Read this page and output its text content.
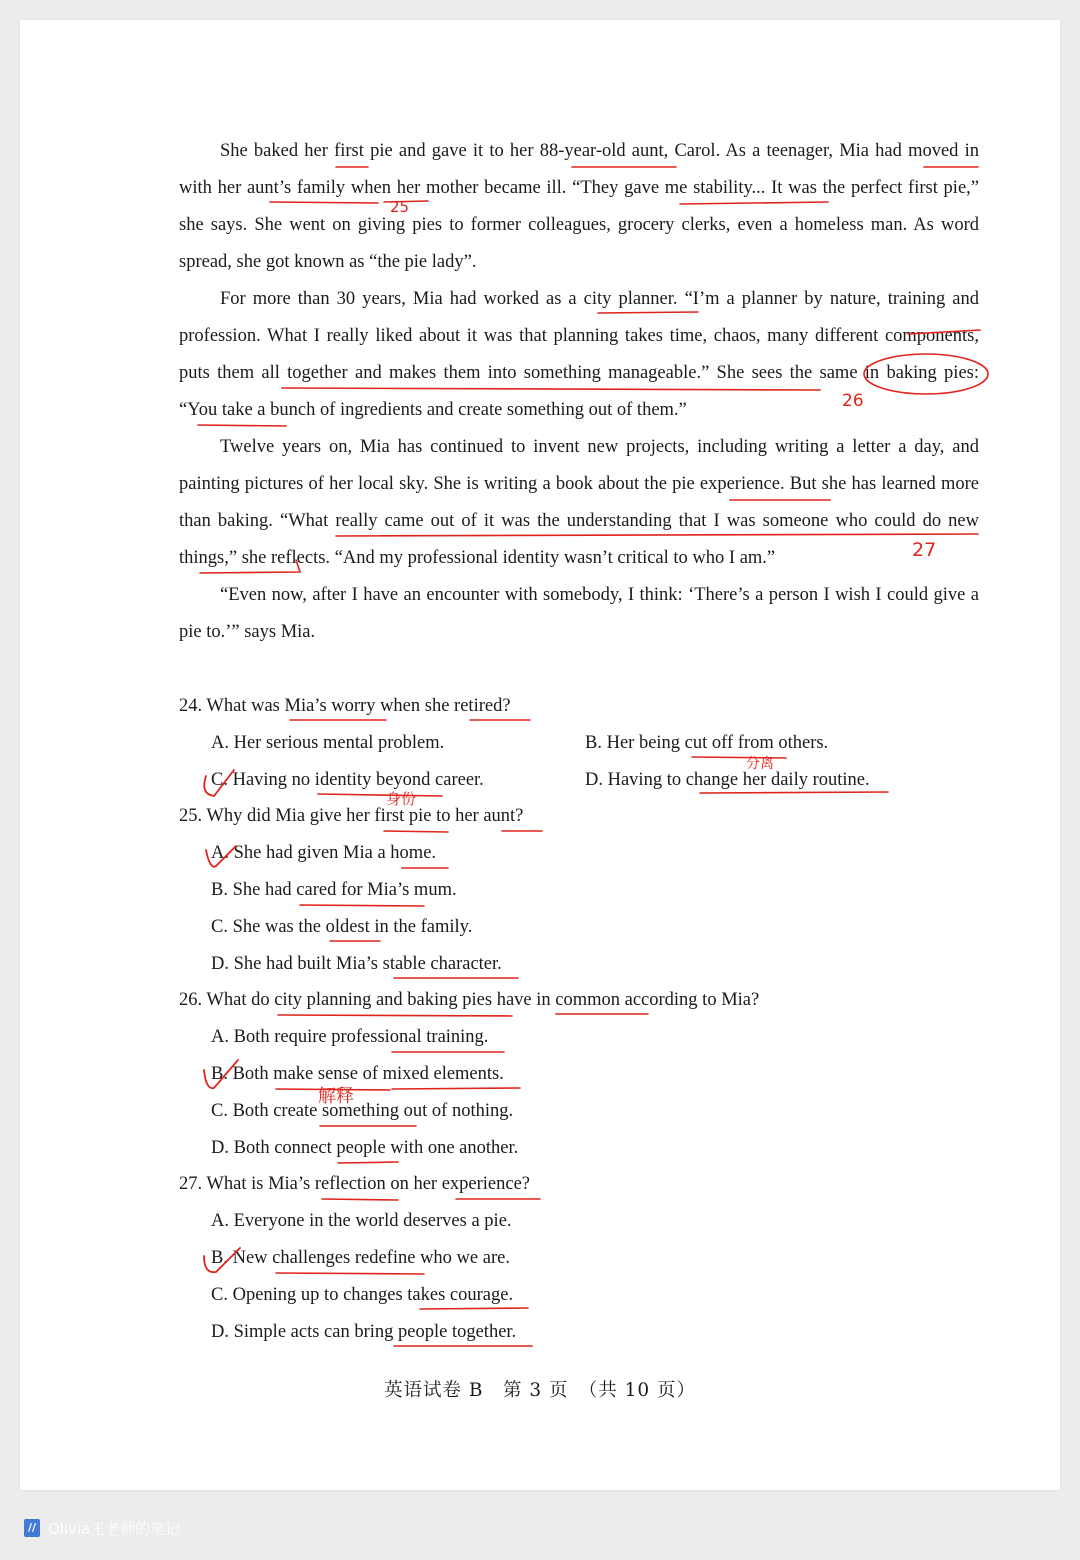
She baked her first pie and gave it to her 88-year-old aunt, Carol. As a teenager, Mia had moved in with her aunt’s family when her mother became ill. “They gave me stability... It was the perfect first pie,” she says. She went on giving pies to former colleagues, grocery clerks, even a homeless man. As word spread, she got known as “the pie lady”.

For more than 30 years, Mia had worked as a city planner. “I’m a planner by nature, training and profession. What I really liked about it was that planning takes time, chaos, many different components, puts them all together and makes them into something manageable.” She sees the same in baking pies: “You take a bunch of ingredients and create something out of them.”

Twelve years on, Mia has continued to invent new projects, including writing a letter a day, and painting pictures of her local sky. She is writing a book about the pie experience. But she has learned more than baking. “What really came out of it was the understanding that I was someone who could do new things,” she reflects. “And my professional identity wasn’t critical to who I am.”

“Even now, after I have an encounter with somebody, I think: ‘There’s a person I wish I could give a pie to.’” says Mia.

24. What was Mia’s worry when she retired?

A. Her serious mental problem.	B. Her being cut off from others.

C. Having no identity beyond career.	D. Having to change her daily routine.

25. Why did Mia give her first pie to her aunt?

A. She had given Mia a home.

B. She had cared for Mia’s mum.

C. She was the oldest in the family.

D. She had built Mia’s stable character.

26. What do city planning and baking pies have in common according to Mia?

A. Both require professional training.

B. Both make sense of mixed elements.

C. Both create something out of nothing.

D. Both connect people with one another.

27. What is Mia’s reflection on her experience?

A. Everyone in the world deserves a pie.

B. New challenges redefine who we are.

C. Opening up to changes takes courage.

D. Simple acts can bring people together.

英语试卷 B　第 3 页　（共 10 页）
25
26
27
身份
分离
解释
// Olivia王老师的笔记
